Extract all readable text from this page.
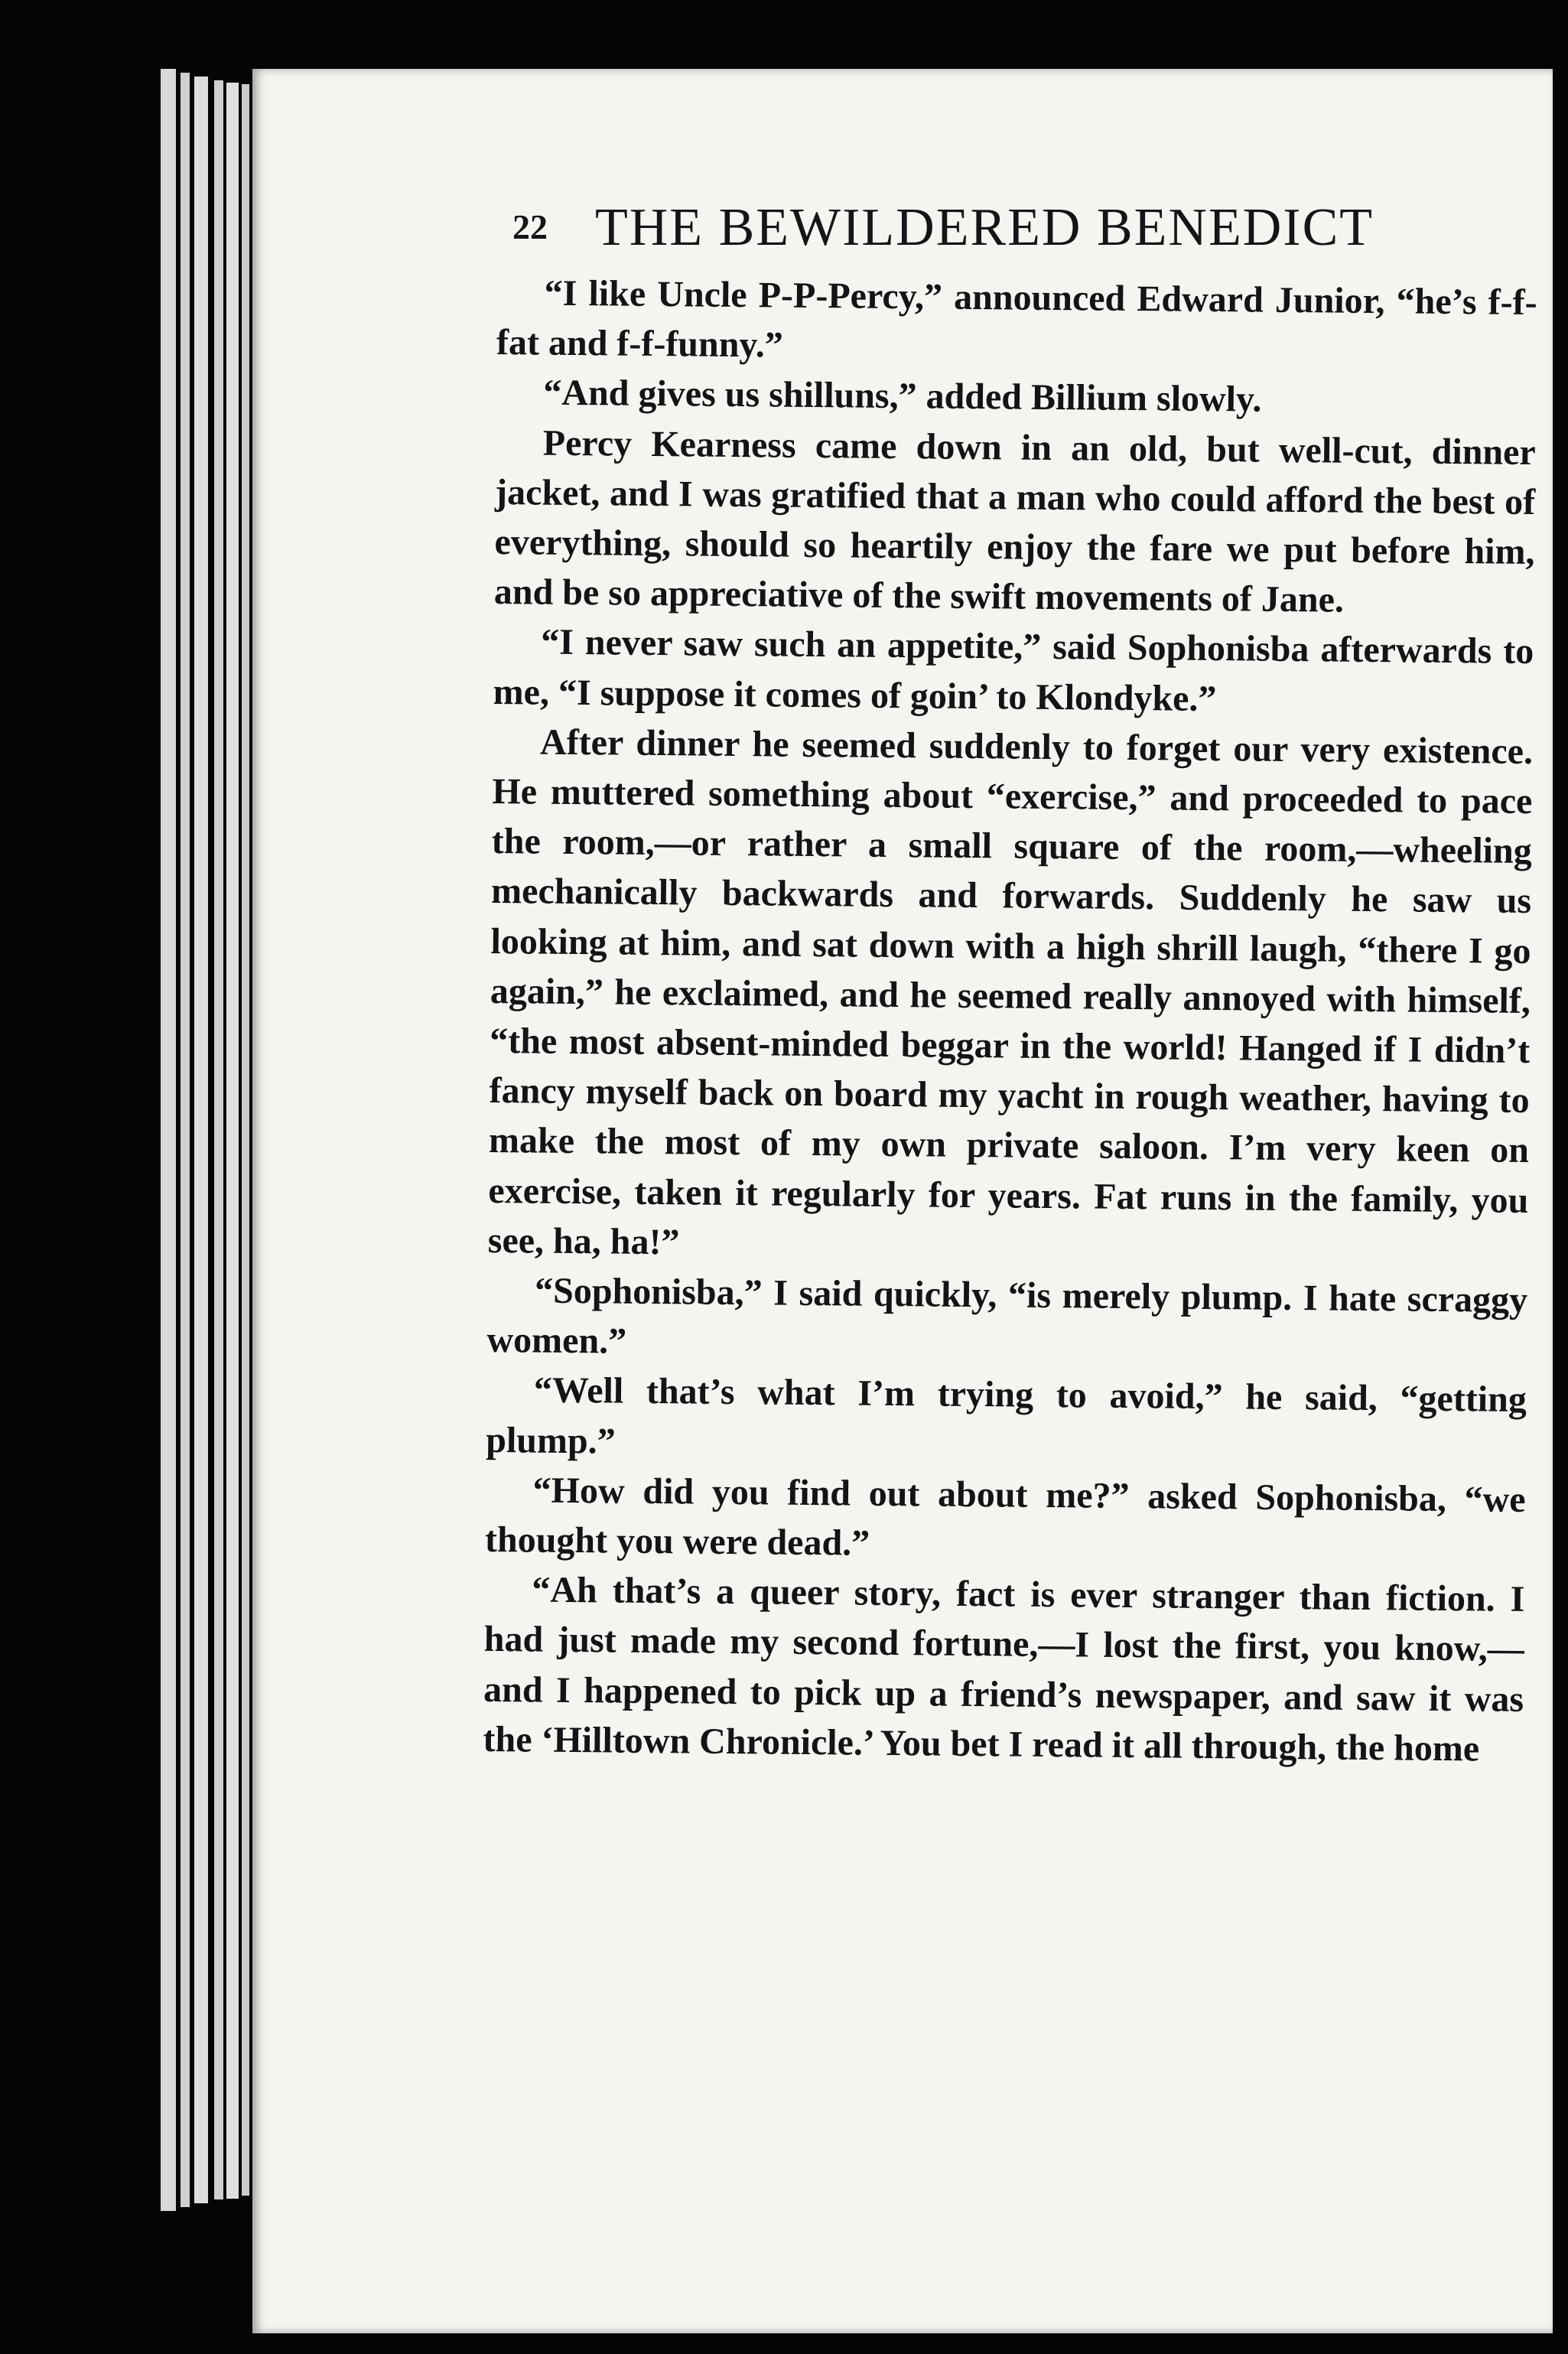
22 THE BEWILDERED BENEDICT

“I like Uncle P-P-Percy,” announced Edward Junior, “he’s f-f-fat and f-f-funny.”

“And gives us shilluns,” added Billium slowly.

Percy Kearness came down in an old, but well-cut, dinner jacket, and I was gratified that a man who could afford the best of everything, should so heartily enjoy the fare we put before him, and be so appreciative of the swift movements of Jane.

“I never saw such an appetite,” said Sophonisba afterwards to me, “I suppose it comes of goin’ to Klondyke.”

After dinner he seemed suddenly to forget our very existence. He muttered something about “exercise,” and proceeded to pace the room,—or rather a small square of the room,—wheeling mechanically backwards and forwards. Suddenly he saw us looking at him, and sat down with a high shrill laugh, “there I go again,” he exclaimed, and he seemed really annoyed with himself, “the most absent-minded beggar in the world! Hanged if I didn’t fancy myself back on board my yacht in rough weather, having to make the most of my own private saloon. I’m very keen on exercise, taken it regularly for years. Fat runs in the family, you see, ha, ha!”

“Sophonisba,” I said quickly, “is merely plump. I hate scraggy women.”

“Well that’s what I’m trying to avoid,” he said, “getting plump.”

“How did you find out about me?” asked Sophonisba, “we thought you were dead.”

“Ah that’s a queer story, fact is ever stranger than fiction. I had just made my second fortune,—I lost the first, you know,—and I happened to pick up a friend’s newspaper, and saw it was the ‘Hilltown Chronicle.’ You bet I read it all through, the home
